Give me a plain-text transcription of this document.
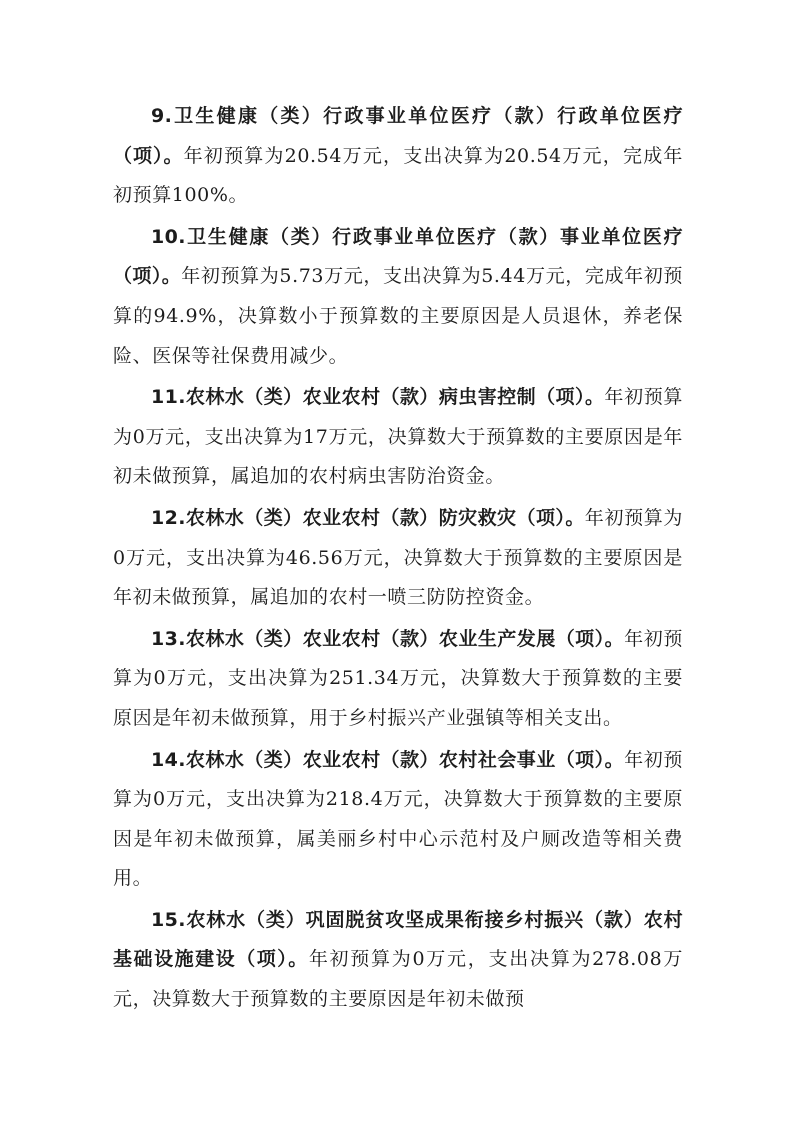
9.卫生健康（类）行政事业单位医疗（款）行政单位医疗（项）。年初预算为20.54万元，支出决算为20.54万元，完成年初预算100%。

10.卫生健康（类）行政事业单位医疗（款）事业单位医疗（项）。年初预算为5.73万元，支出决算为5.44万元，完成年初预算的94.9%，决算数小于预算数的主要原因是人员退休，养老保险、医保等社保费用减少。

11.农林水（类）农业农村（款）病虫害控制（项）。年初预算为0万元，支出决算为17万元，决算数大于预算数的主要原因是年初未做预算，属追加的农村病虫害防治资金。

12.农林水（类）农业农村（款）防灾救灾（项）。年初预算为0万元，支出决算为46.56万元，决算数大于预算数的主要原因是年初未做预算，属追加的农村一喷三防防控资金。

13.农林水（类）农业农村（款）农业生产发展（项）。年初预算为0万元，支出决算为251.34万元，决算数大于预算数的主要原因是年初未做预算，用于乡村振兴产业强镇等相关支出。

14.农林水（类）农业农村（款）农村社会事业（项）。年初预算为0万元，支出决算为218.4万元，决算数大于预算数的主要原因是年初未做预算，属美丽乡村中心示范村及户厕改造等相关费用。

15.农林水（类）巩固脱贫攻坚成果衔接乡村振兴（款）农村基础设施建设（项）。年初预算为0万元，支出决算为278.08万元，决算数大于预算数的主要原因是年初未做预
